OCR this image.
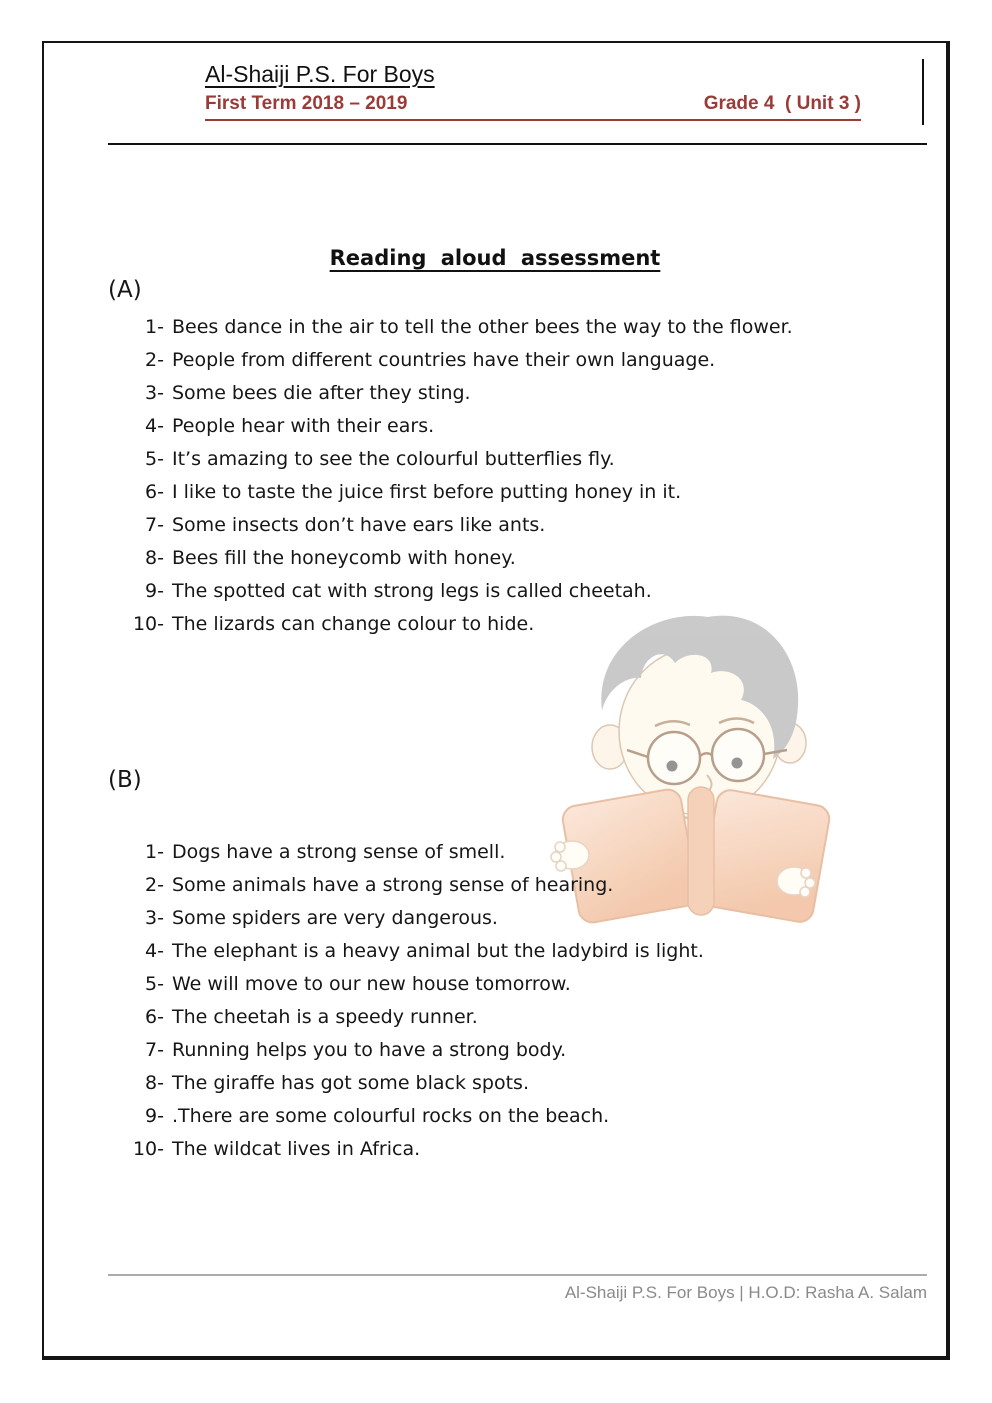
Al-Shaiji P.S. For Boys
First Term 2018 – 2019	Grade 4  ( Unit 3 )
Reading aloud assessment
(A)
1- Bees dance in the air to tell the other bees the way to the flower.
2- People from different countries have their own language.
3- Some bees die after they sting.
4- People hear with their ears.
5- It’s amazing to see the colourful butterflies fly.
6- I like to taste the juice first before putting honey in it.
7- Some insects don’t have ears like ants.
8- Bees fill the honeycomb with honey.
9- The spotted cat with strong legs is called cheetah.
10- The lizards can change colour to hide.
(B)
1- Dogs have a strong sense of smell.
2- Some animals have a strong sense of hearing.
3- Some spiders are very dangerous.
4- The elephant is a heavy animal but the ladybird is light.
5- We will move to our new house tomorrow.
6- The cheetah is a speedy runner.
7- Running helps you to have a strong body.
8- The giraffe has got some black spots.
9- .There are some colourful rocks on the beach.
10- The wildcat lives in Africa.
Al-Shaiji P.S. For Boys | H.O.D: Rasha A. Salam
